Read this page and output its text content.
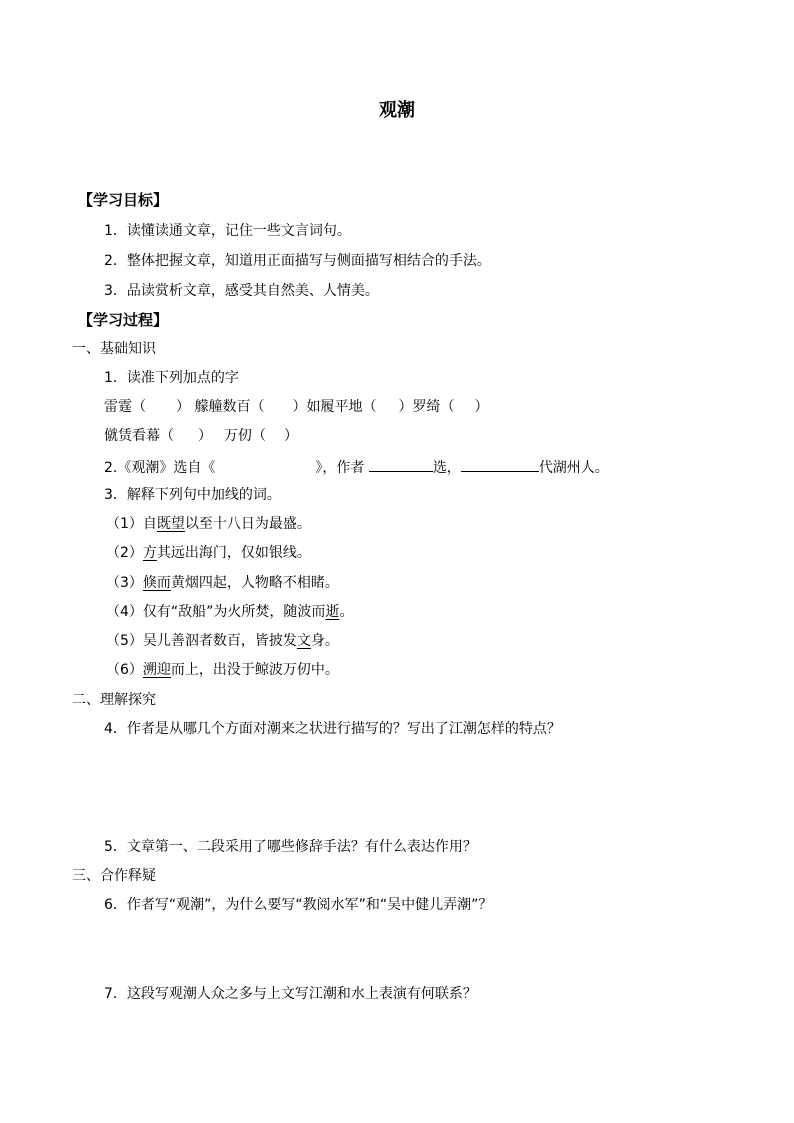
观潮
【学习目标】
1．读懂读通文章，记住一些文言词句。
2．整体把握文章，知道用正面描写与侧面描写相结合的手法。
3．品读赏析文章，感受其自然美、人情美。
【学习过程】
一、基础知识
1．读准下列加点的字
雷霆（ ） 艨艟数百（ ）如履平地（ ）罗绮（ ）
僦赁看幕（ ） 万仞（ ）
2.《观潮》选自《	》，作者	选，	代湖州人。
3．解释下列句中加线的词。
（1）自既望以至十八日为最盛。
（2）方其远出海门，仅如银线。
（3）倏而黄烟四起，人物略不相睹。
（4）仅有“敌船”为火所焚，随波而逝。
（5）吴儿善泅者数百，皆披发文身。
（6）溯迎而上，出没于鲸波万仞中。
二、理解探究
4．作者是从哪几个方面对潮来之状进行描写的？写出了江潮怎样的特点？
5．文章第一、二段采用了哪些修辞手法？有什么表达作用？
三、合作释疑
6．作者写“观潮”，为什么要写“教阅水军”和“吴中健儿弄潮”？
7．这段写观潮人众之多与上文写江潮和水上表演有何联系？
